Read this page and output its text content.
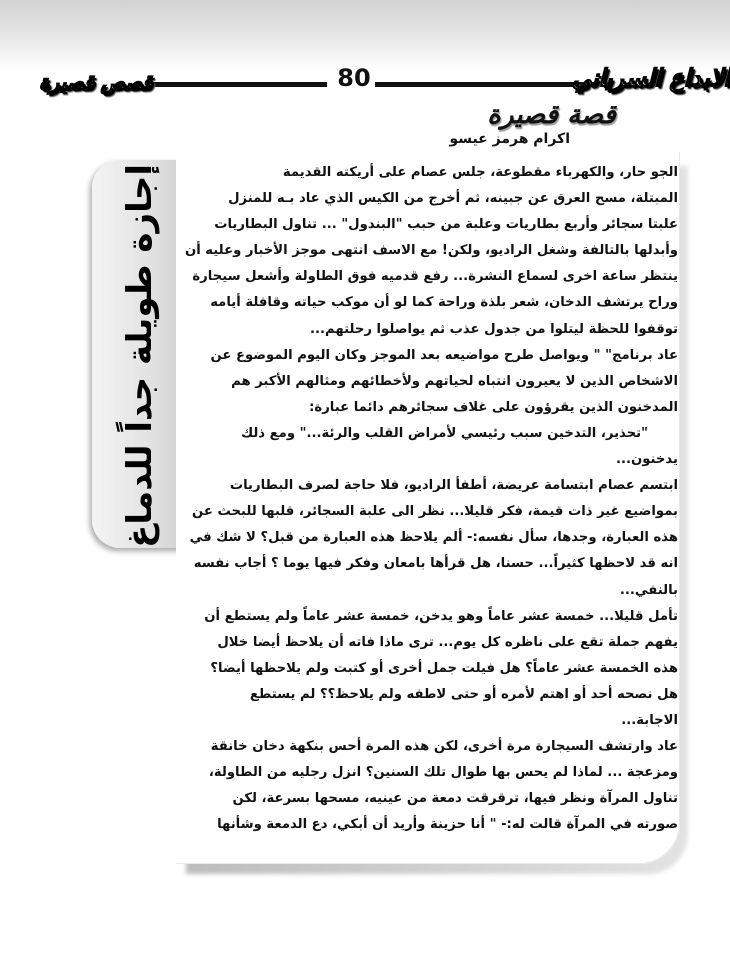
الابداع السرياني
80
قصص قصيرة
قصة قصيرة
اكرام هرمز عيسو
إجازة طويلة جداً للدماغ	الجو حار، والكهرباء مقطوعة، جلس عصام على أريكته القديمة
المبتلة، مسح العرق عن جبينه، ثم أخرج من الكيس الذي عاد بـه للمنزل
علبتا سجائر وأربع بطاريات وعلبة من حبب "البندول" ... تناول البطاريات
وأبدلها بالتالفة وشغل الراديو، ولكن! مع الاسف انتهى موجز الأخبار وعليه أن
ينتظر ساعة اخرى لسماع النشرة... رفع قدميه فوق الطاولة وأشعل سيجارة
وراح يرتشف الدخان، شعر بلذة وراحة كما لو أن موكب حياته وقافلة أيامه
توقفوا للحظة ليتلوا من جدول عذب ثم يواصلوا رحلتهم...
عاد برنامج" " ويواصل طرح مواضيعه بعد الموجز وكان اليوم الموضوع عن
الاشخاص الذين لا يعيرون انتباه لحياتهم ولأخطائهم ومثالهم الأكبر هم
المدخنون الذين يقرؤون على غلاف سجائرهم دائما عبارة:
"تحذير، التدخين سبب رئيسي لأمراض القلب والرئة..." ومع ذلك
يدخنون...
ابتسم عصام ابتسامة عريضة، أطفأ الراديو، فلا حاجة لصرف البطاريات
بمواضيع غير ذات قيمة، فكر قليلا... نظر الى علبة السجائر، قلبها للبحث عن
هذه العبارة، وجدها، سأل نفسه:- ألم يلاحظ هذه العبارة من قبل؟ لا شك في
انه قد لاحظها كثيراً... حسنا، هل قرأها بامعان وفكر فيها يوما ؟ أجاب نفسه
بالنفي...
تأمل قليلا... خمسة عشر عاماً وهو يدخن، خمسة عشر عاماً ولم يستطع أن
يفهم جملة تقع على ناظره كل يوم... ترى ماذا فاته أن يلاحظ أيضا خلال
هذه الخمسة عشر عاماً؟ هل فيلت جمل أخرى أو كتبت ولم يلاحظها أيضا؟
هل نصحه أحد أو اهتم لأمره أو حتى لاطفه ولم يلاحظ؟؟ لم يستطع
الاجابة...
عاد وارتشف السيجارة مرة أخرى، لكن هذه المرة أحس بنكهة دخان خانقة
ومزعجة ... لماذا لم يحس بها طوال تلك السنين؟ انزل رجليه من الطاولة،
تناول المرآة ونظر فيها، ترقرقت دمعة من عينيه، مسحها بسرعة، لكن
صورته في المرآة قالت له:- " أنا حزينة وأريد أن أبكي، دع الدمعة وشأنها
